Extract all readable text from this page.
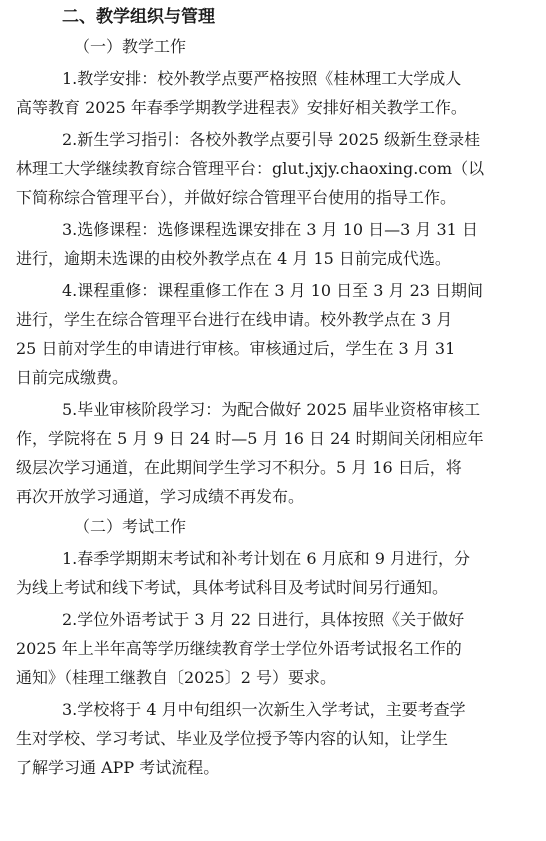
二、教学组织与管理
（一）教学工作
1.教学安排：校外教学点要严格按照《桂林理工大学成人
高等教育 2025 年春季学期教学进程表》安排好相关教学工作。
2.新生学习指引：各校外教学点要引导 2025 级新生登录桂
林理工大学继续教育综合管理平台：glut.jxjy.chaoxing.com（以
下简称综合管理平台），并做好综合管理平台使用的指导工作。
3.选修课程：选修课程选课安排在 3 月 10 日—3 月 31 日
进行，逾期未选课的由校外教学点在 4 月 15 日前完成代选。
4.课程重修：课程重修工作在 3 月 10 日至 3 月 23 日期间
进行，学生在综合管理平台进行在线申请。校外教学点在 3 月
25 日前对学生的申请进行审核。审核通过后，学生在 3 月 31
日前完成缴费。
5.毕业审核阶段学习：为配合做好 2025 届毕业资格审核工
作，学院将在 5 月 9 日 24 时—5 月 16 日 24 时期间关闭相应年
级层次学习通道，在此期间学生学习不积分。5 月 16 日后，将
再次开放学习通道，学习成绩不再发布。
（二）考试工作
1.春季学期期末考试和补考计划在 6 月底和 9 月进行，分
为线上考试和线下考试，具体考试科目及考试时间另行通知。
2.学位外语考试于 3 月 22 日进行，具体按照《关于做好
2025 年上半年高等学历继续教育学士学位外语考试报名工作的
通知》（桂理工继教自〔2025〕2 号）要求。
3.学校将于 4 月中旬组织一次新生入学考试，主要考查学
生对学校、学习考试、毕业及学位授予等内容的认知，让学生
了解学习通 APP 考试流程。
